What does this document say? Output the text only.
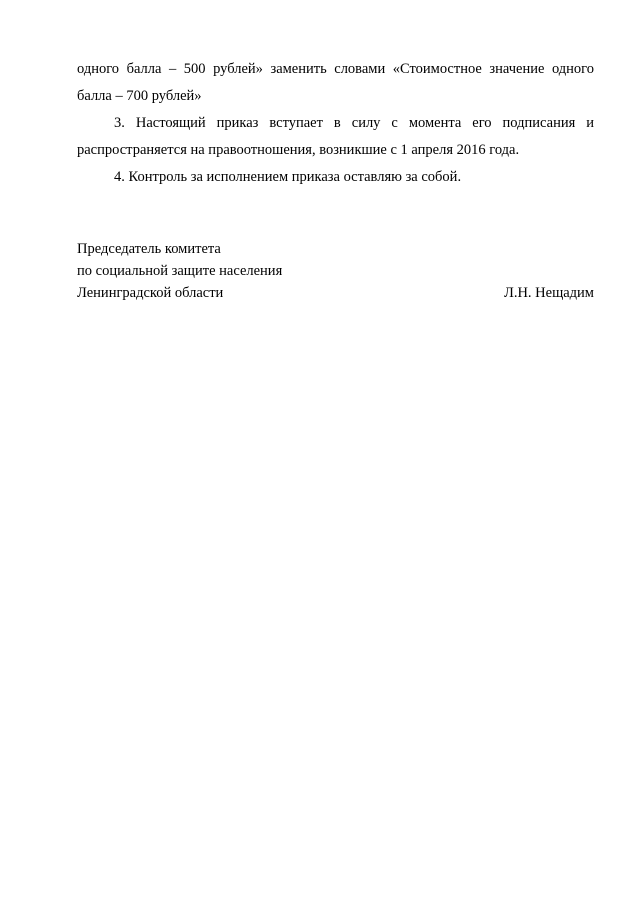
одного балла – 500 рублей» заменить словами «Стоимостное значение одного балла – 700 рублей»

3. Настоящий приказ вступает в силу с момента его подписания и распространяется на правоотношения, возникшие с 1 апреля 2016 года.

4. Контроль за исполнением приказа оставляю за собой.

Председатель комитета
по социальной защите населения
Ленинградской области	Л.Н. Нещадим
